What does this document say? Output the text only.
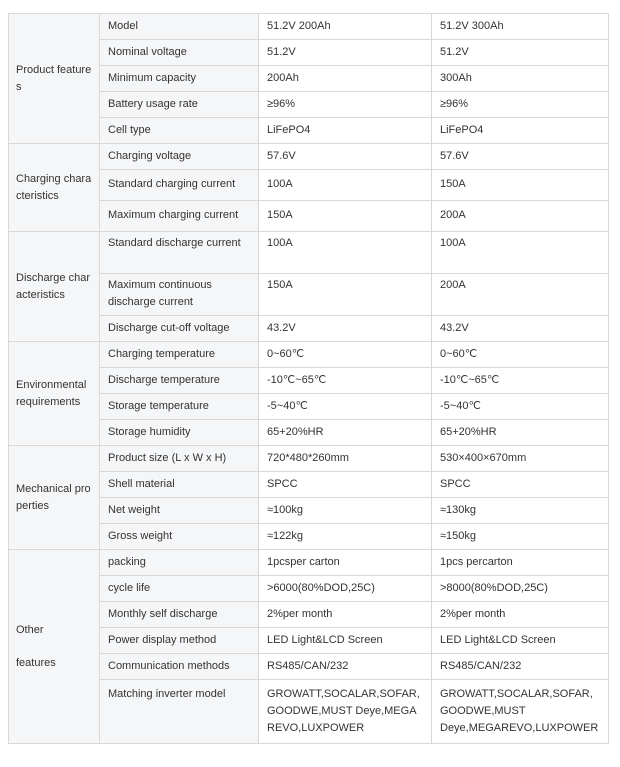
Product features	Model	51.2V 200Ah	51.2V 300Ah
	Nominal voltage	51.2V	51.2V
	Minimum capacity	200Ah	300Ah
	Battery usage rate	≥96%	≥96%
	Cell type	LiFePO4	LiFePO4

Charging characteristics	Charging voltage	57.6V	57.6V
	Standard charging current	100A	150A
	Maximum charging current	150A	200A

Discharge characteristics	Standard discharge current	100A	100A
	Maximum continuous discharge current	150A	200A
	Discharge cut-off voltage	43.2V	43.2V

Environmental requirements	Charging temperature	0~60℃	0~60℃
	Discharge temperature	-10℃~65℃	-10℃~65℃
	Storage temperature	-5~40℃	-5~40℃
	Storage humidity	65+20%HR	65+20%HR

Mechanical properties	Product size (L x W x H)	720*480*260mm	530×400×670mm
	Shell material	SPCC	SPCC
	Net weight	≈100kg	≈130kg
	Gross weight	≈122kg	≈150kg

Other
features	packing	1pcsper carton	1pcs percarton
	cycle life	>6000(80%DOD,25C)	>8000(80%DOD,25C)
	Monthly self discharge	2%per month	2%per month
	Power display method	LED Light&LCD Screen	LED Light&LCD Screen
	Communication methods	RS485/CAN/232	RS485/CAN/232
	Matching inverter model	GROWATT,SOCALAR,SOFAR,GOODWE,MUST Deye,MEGAREVO,LUXPOWER	GROWATT,SOCALAR,SOFAR,GOODWE,MUST Deye,MEGAREVO,LUXPOWER
